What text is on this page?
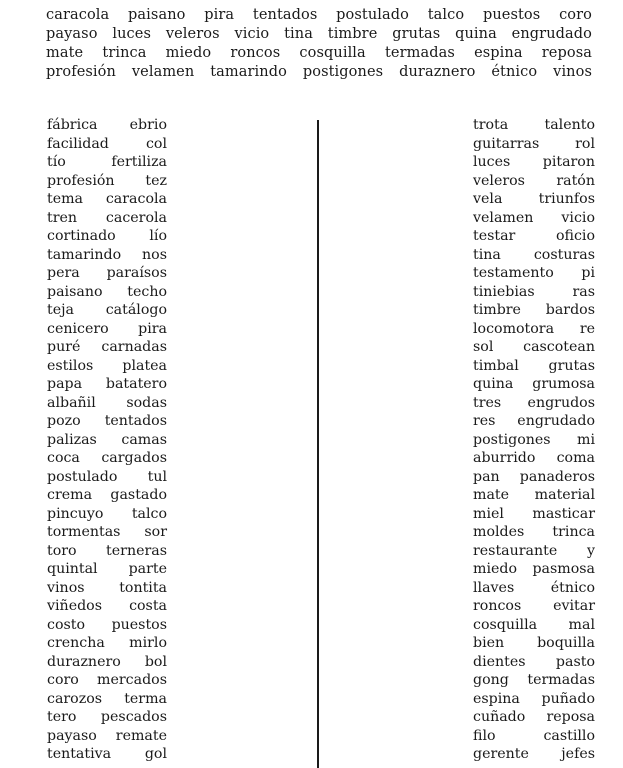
caracola paisano pira tentados postulado talco puestos coro
payaso luces veleros vicio tina timbre grutas quina engrudado
mate trinca miedo roncos cosquilla termadas espina reposa
profesión velamen tamarindo postigones duraznero étnico vinos
fábrica ebrio
facilidad col
tío fertiliza
profesión tez
tema caracola
tren cacerola
cortinado lío
tamarindo nos
pera paraísos
paisano techo
teja catálogo
cenicero pira
puré carnadas
estilos platea
papa batatero
albañil sodas
pozo tentados
palizas camas
coca cargados
postulado tul
crema gastado
pincuyo talco
tormentas sor
toro terneras
quintal parte
vinos tontita
viñedos costa
costo puestos
crencha mirlo
duraznero bol
coro mercados
carozos terma
tero pescados
payaso remate
tentativa gol
trota talento
guitarras rol
luces pitaron
veleros ratón
vela triunfos
velamen vicio
testar oficio
tina costuras
testamento pi
tiniebias ras
timbre bardos
locomotora re
sol cascotean
timbal grutas
quina grumosa
tres engrudos
res engrudado
postigones mi
aburrido coma
pan panaderos
mate material
miel masticar
moldes trinca
restaurante y
miedo pasmosa
llaves étnico
roncos evitar
cosquilla mal
bien boquilla
dientes pasto
gong termadas
espina puñado
cuñado reposa
filo castillo
gerente jefes
